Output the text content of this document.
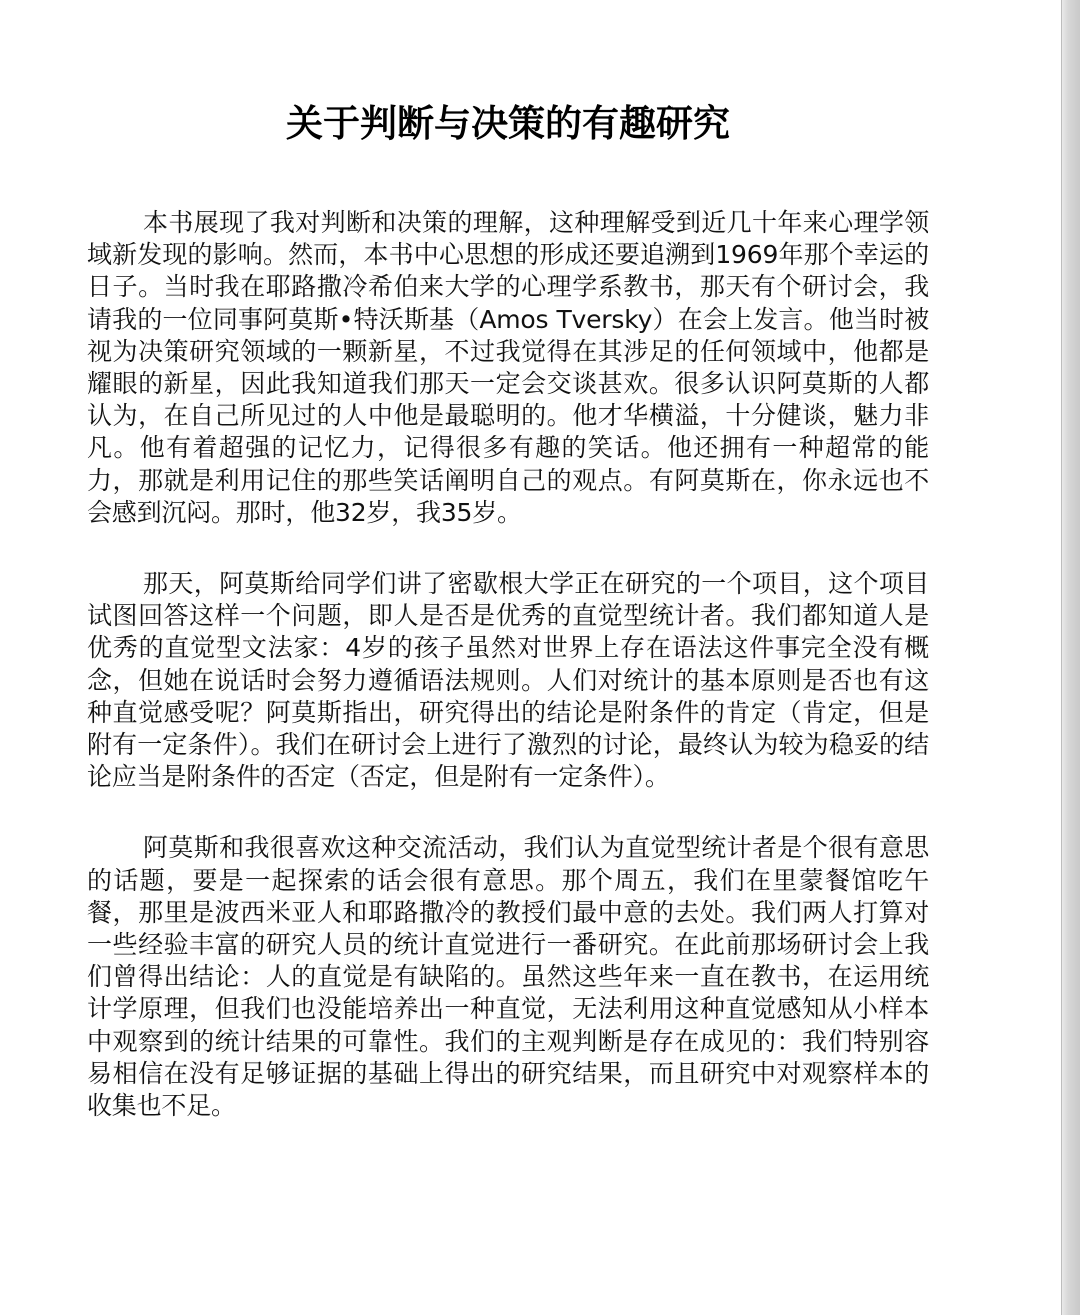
关于判断与决策的有趣研究

本书展现了我对判断和决策的理解，这种理解受到近几十年来心理学领域新发现的影响。然而，本书中心思想的形成还要追溯到1969年那个幸运的日子。当时我在耶路撒冷希伯来大学的心理学系教书，那天有个研讨会，我请我的一位同事阿莫斯•特沃斯基（Amos Tversky）在会上发言。他当时被视为决策研究领域的一颗新星，不过我觉得在其涉足的任何领域中，他都是耀眼的新星，因此我知道我们那天一定会交谈甚欢。很多认识阿莫斯的人都认为，在自己所见过的人中他是最聪明的。他才华横溢，十分健谈，魅力非凡。他有着超强的记忆力，记得很多有趣的笑话。他还拥有一种超常的能力，那就是利用记住的那些笑话阐明自己的观点。有阿莫斯在，你永远也不会感到沉闷。那时，他32岁，我35岁。

那天，阿莫斯给同学们讲了密歇根大学正在研究的一个项目，这个项目试图回答这样一个问题，即人是否是优秀的直觉型统计者。我们都知道人是优秀的直觉型文法家：4岁的孩子虽然对世界上存在语法这件事完全没有概念，但她在说话时会努力遵循语法规则。人们对统计的基本原则是否也有这种直觉感受呢？阿莫斯指出，研究得出的结论是附条件的肯定（肯定，但是附有一定条件）。我们在研讨会上进行了激烈的讨论，最终认为较为稳妥的结论应当是附条件的否定（否定，但是附有一定条件）。

阿莫斯和我很喜欢这种交流活动，我们认为直觉型统计者是个很有意思的话题，要是一起探索的话会很有意思。那个周五，我们在里蒙餐馆吃午餐，那里是波西米亚人和耶路撒冷的教授们最中意的去处。我们两人打算对一些经验丰富的研究人员的统计直觉进行一番研究。在此前那场研讨会上我们曾得出结论：人的直觉是有缺陷的。虽然这些年来一直在教书，在运用统计学原理，但我们也没能培养出一种直觉，无法利用这种直觉感知从小样本中观察到的统计结果的可靠性。我们的主观判断是存在成见的：我们特别容易相信在没有足够证据的基础上得出的研究结果，而且研究中对观察样本的收集也不足。
